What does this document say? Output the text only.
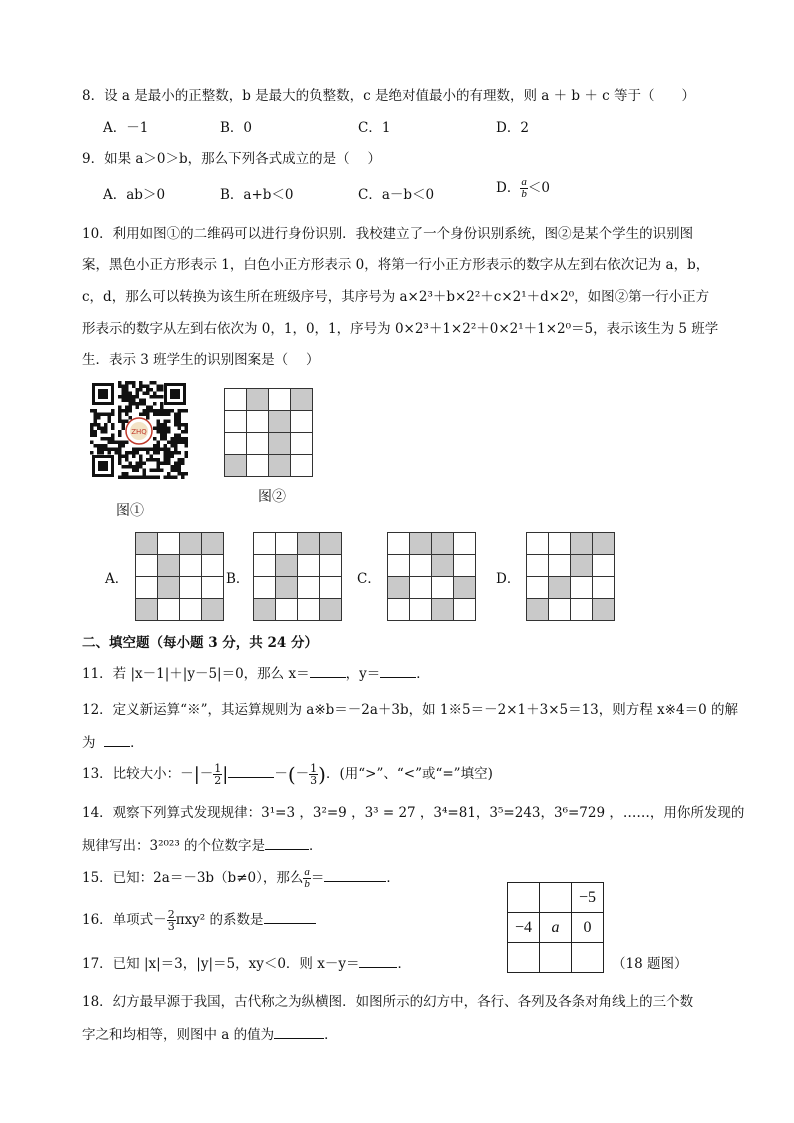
8．设 a 是最小的正整数，b 是最大的负整数，c 是绝对值最小的有理数，则 a ＋ b ＋ c 等于（　　）
A．－1	B．0	C．1	D．2
9．如果 a＞0＞b，那么下列各式成立的是（　 ）
A．ab＞0	B．a+b＜0	C．a－b＜0	D． $\frac{a}{b} <0$
10．利用如图①的二维码可以进行身份识别．我校建立了一个身份识别系统，图②是某个学生的识别图
案，黑色小正方形表示 1，白色小正方形表示 0，将第一行小正方形表示的数字从左到右依次记为 a，b，
c，d，那么可以转换为该生所在班级序号，其序号为 a×2³＋b×2²＋c×2¹＋d×2⁰，如图②第一行小正方
形表示的数字从左到右依次为 0，1，0，1，序号为 0×2³＋1×2²＋0×2¹＋1×2⁰＝5，表示该生为 5 班学
生．表示 3 班学生的识别图案是（　 ）
ZHQ
图①

图②
A．

				B．

				C．

				D．

二、填空题（每小题 3 分，共 24 分）
11．若 |x－1|＋|y－5|＝0，那么 x＝	，y＝	．
12．定义新运算“※”，其运算规则为 a※b＝－2a＋3b，如 1※5＝－2×1＋3×5＝13，则方程 x※4＝0 的解
为	．
13．比较大小：－|－ $\frac{1}{2}$ |	－(－ $\frac{1}{3}$ )．(用“>”、“<”或“=”填空)
14．观察下列算式发现规律：3¹=3 ，3²=9 ，3³ = 27 ，3⁴=81，3⁵=243，3⁶=729 ，……，用你所发现的
规律写出：3²⁰²³ 的个位数字是	．
15．已知：2a＝－3b（b≠0），那么 $\frac{a}{b}$ ＝	．
16．单项式－ $\frac{2}{3} \pi xy^2$ 的系数是
17．已知 |x|＝3，|y|＝5，xy＜0．则 x－y＝	．
		−5
−4	a	0

（18 题图）
18．幻方最早源于我国，古代称之为纵横图．如图所示的幻方中，各行、各列及各条对角线上的三个数
字之和均相等，则图中 a 的值为	．
